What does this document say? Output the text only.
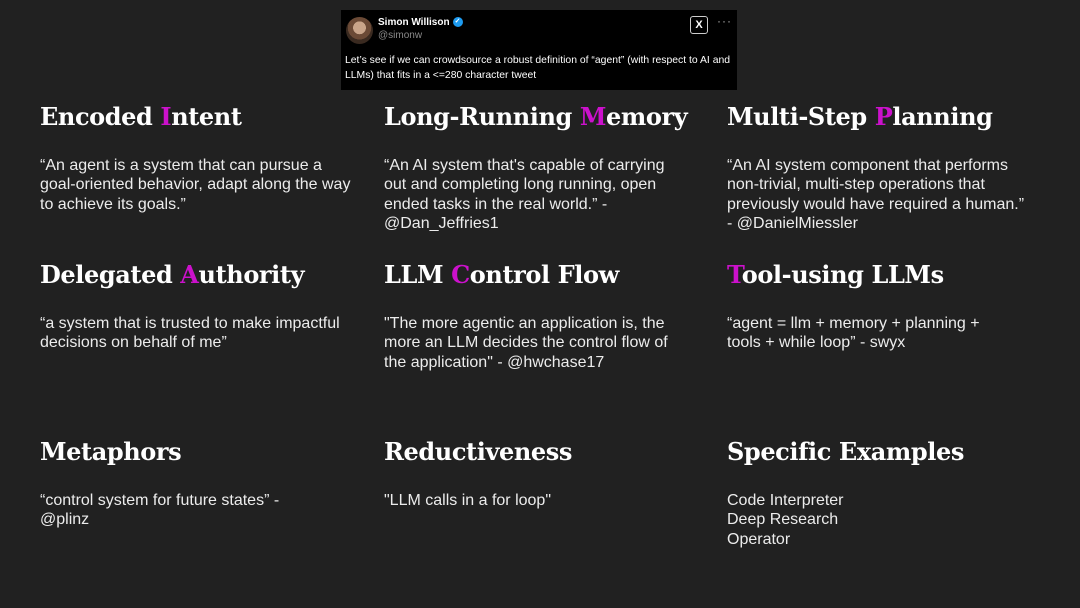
Simon Willison ✓
@simonw
X	···
Let’s see if we can crowdsource a robust definition of “agent” (with respect to AI and LLMs) that fits in a <=280 character tweet
Encoded Intent
“An agent is a system that can pursue a goal-oriented behavior, adapt along the way to achieve its goals.”
Long-Running Memory
“An AI system that's capable of carrying out and completing long running, open ended tasks in the real world.” - @Dan_Jeffries1
Multi-Step Planning
“An AI system component that performs non-trivial, multi-step operations that previously would have required a human.” - @DanielMiessler
Delegated Authority
“a system that is trusted to make impactful decisions on behalf of me”
LLM Control Flow
"The more agentic an application is, the more an LLM decides the control flow of the application" - @hwchase17
Tool-using LLMs
“agent = llm + memory + planning + tools + while loop” - swyx
Metaphors
“control system for future states” - @plinz
Reductiveness
"LLM calls in a for loop"
Specific Examples
Code Interpreter
Deep Research
Operator
